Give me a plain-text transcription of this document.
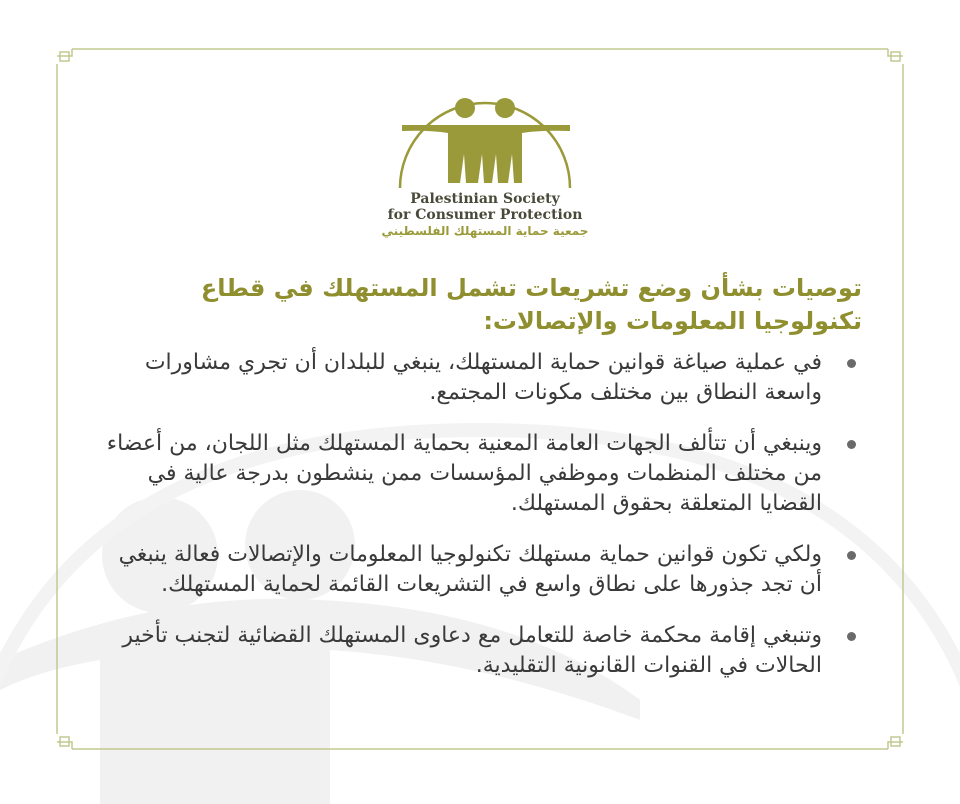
Palestinian Society
for Consumer Protection
جمعية حماية المستهلك الفلسطيني
توصيات بشأن وضع تشريعات تشمل المستهلك في قطاع تكنولوجيا المعلومات والإتصالات:
في عملية صياغة قوانين حماية المستهلك، ينبغي للبلدان أن تجري مشاورات واسعة النطاق بين مختلف مكونات المجتمع.
وينبغي أن تتألف الجهات العامة المعنية بحماية المستهلك مثل اللجان، من أعضاء من مختلف المنظمات وموظفي المؤسسات ممن ينشطون بدرجة عالية في القضايا المتعلقة بحقوق المستهلك.
ولكي تكون قوانين حماية مستهلك تكنولوجيا المعلومات والإتصالات فعالة ينبغي أن تجد جذورها على نطاق واسع في التشريعات القائمة لحماية المستهلك.
وتنبغي إقامة محكمة خاصة للتعامل مع دعاوى المستهلك القضائية لتجنب تأخير الحالات في القنوات القانونية التقليدية.
